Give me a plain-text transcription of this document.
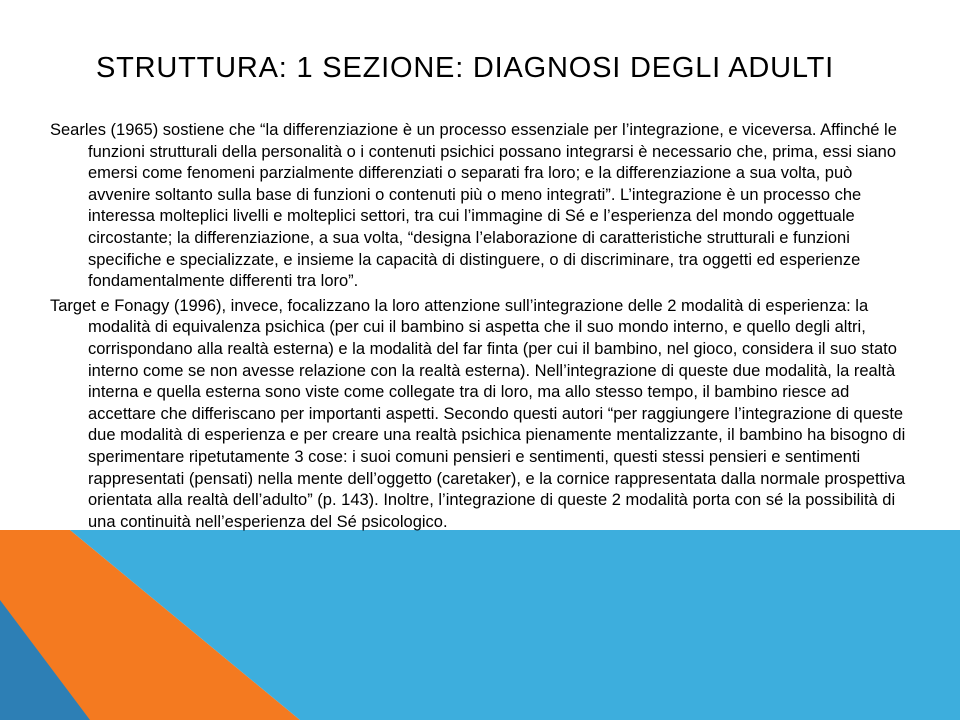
STRUTTURA: 1 SEZIONE: DIAGNOSI DEGLI ADULTI

Searles (1965) sostiene che “la differenziazione è un processo essenziale per l’integrazione, e viceversa. Affinché le funzioni strutturali della personalità o i contenuti psichici possano integrarsi è necessario che, prima, essi siano emersi come fenomeni parzialmente differenziati o separati fra loro; e la differenziazione a sua volta, può avvenire soltanto sulla base di funzioni o contenuti più o meno integrati”. L’integrazione è un processo che interessa molteplici livelli e molteplici settori, tra cui l’immagine di Sé e l’esperienza del mondo oggettuale circostante; la differenziazione, a sua volta, “designa l’elaborazione di caratteristiche strutturali e funzioni specifiche e specializzate, e insieme la capacità di distinguere, o di discriminare, tra oggetti ed esperienze fondamentalmente differenti tra loro”.

Target e Fonagy (1996), invece, focalizzano la loro attenzione sull’integrazione delle 2 modalità di esperienza: la modalità di equivalenza psichica (per cui il bambino si aspetta che il suo mondo interno, e quello degli altri, corrispondano alla realtà esterna) e la modalità del far finta (per cui il bambino, nel gioco, considera il suo stato interno come se non avesse relazione con la realtà esterna). Nell’integrazione di queste due modalità, la realtà interna e quella esterna sono viste come collegate tra di loro, ma allo stesso tempo, il bambino riesce ad accettare che differiscano per importanti aspetti. Secondo questi autori “per raggiungere l’integrazione di queste due modalità di esperienza e per creare una realtà psichica pienamente mentalizzante, il bambino ha bisogno di sperimentare ripetutamente 3 cose: i suoi comuni pensieri e sentimenti, questi stessi pensieri e sentimenti rappresentati (pensati) nella mente dell’oggetto (caretaker), e la cornice rappresentata dalla normale prospettiva orientata alla realtà dell’adulto” (p. 143). Inoltre, l’integrazione di queste 2 modalità porta con sé la possibilità di una continuità nell’esperienza del Sé psicologico.
